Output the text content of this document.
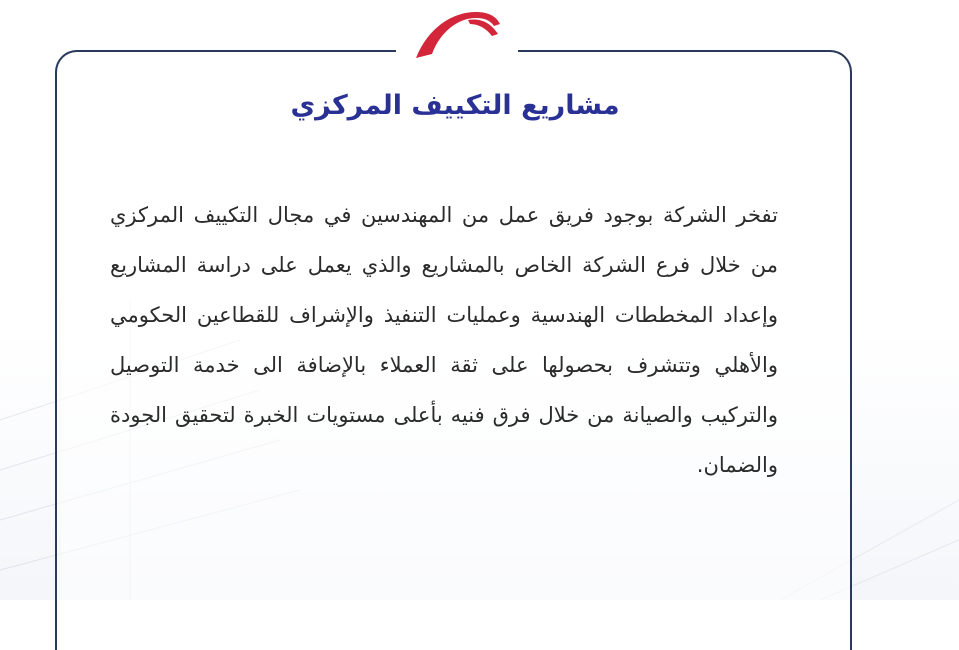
مشاريع التكييف المركزي

تفخر الشركة بوجود فريق عمل من المهندسين في مجال التكييف المركزي من خلال فرع الشركة الخاص بالمشاريع والذي يعمل على دراسة المشاريع وإعداد المخططات الهندسية وعمليات التنفيذ والإشراف للقطاعين الحكومي والأهلي وتتشرف بحصولها على ثقة العملاء بالإضافة الى خدمة التوصيل والتركيب والصيانة من خلال فرق فنيه بأعلى مستويات الخبرة لتحقيق الجودة والضمان.
